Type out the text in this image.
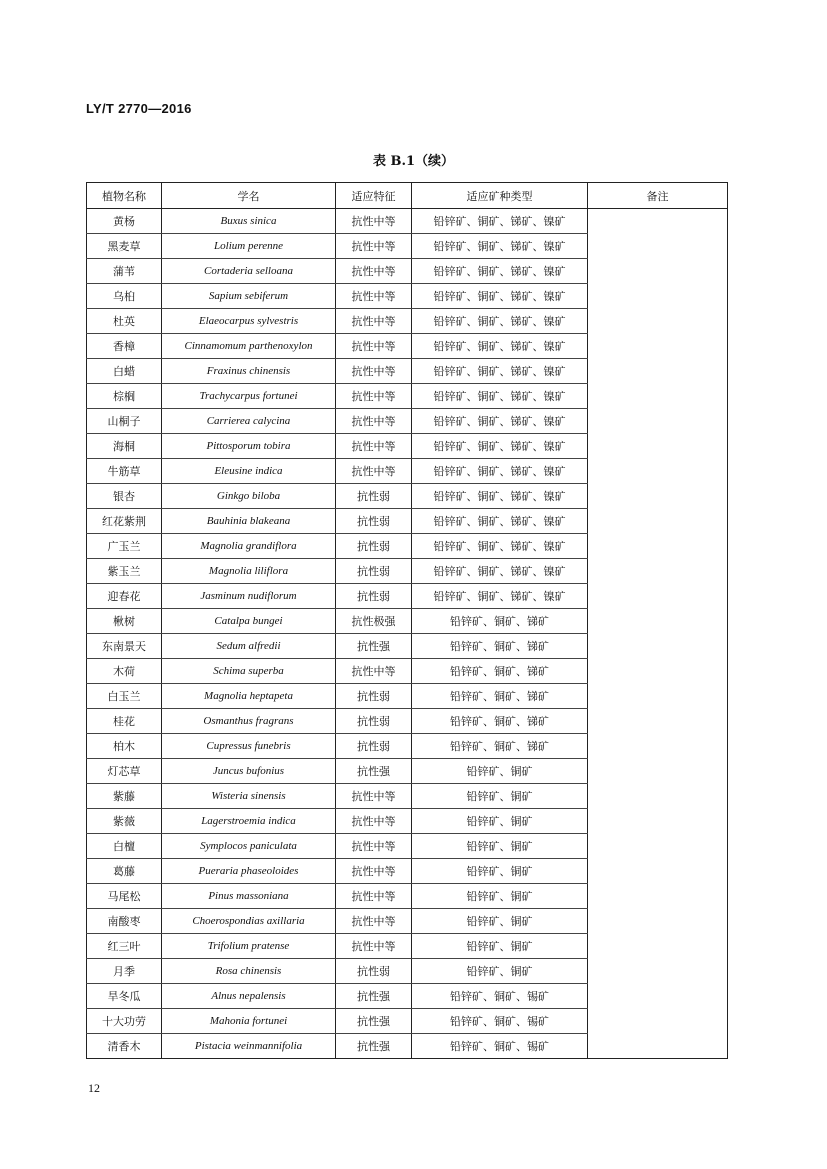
LY/T 2770—2016
表 B.1（续）
植物名称	学名	适应特征	适应矿种类型	备注
黄杨	Buxus sinica	抗性中等	铅锌矿、铜矿、锑矿、镍矿	
黑麦草	Lolium perenne	抗性中等	铅锌矿、铜矿、锑矿、镍矿	
蒲苇	Cortaderia selloana	抗性中等	铅锌矿、铜矿、锑矿、镍矿	
乌桕	Sapium sebiferum	抗性中等	铅锌矿、铜矿、锑矿、镍矿	
杜英	Elaeocarpus sylvestris	抗性中等	铅锌矿、铜矿、锑矿、镍矿	
香樟	Cinnamomum parthenoxylon	抗性中等	铅锌矿、铜矿、锑矿、镍矿	
白蜡	Fraxinus chinensis	抗性中等	铅锌矿、铜矿、锑矿、镍矿	
棕榈	Trachycarpus fortunei	抗性中等	铅锌矿、铜矿、锑矿、镍矿	
山桐子	Carrierea calycina	抗性中等	铅锌矿、铜矿、锑矿、镍矿	
海桐	Pittosporum tobira	抗性中等	铅锌矿、铜矿、锑矿、镍矿	
牛筋草	Eleusine indica	抗性中等	铅锌矿、铜矿、锑矿、镍矿	
银杏	Ginkgo biloba	抗性弱	铅锌矿、铜矿、锑矿、镍矿	
红花紫荆	Bauhinia blakeana	抗性弱	铅锌矿、铜矿、锑矿、镍矿	
广玉兰	Magnolia grandiflora	抗性弱	铅锌矿、铜矿、锑矿、镍矿	
紫玉兰	Magnolia liliflora	抗性弱	铅锌矿、铜矿、锑矿、镍矿	
迎春花	Jasminum nudiflorum	抗性弱	铅锌矿、铜矿、锑矿、镍矿	
楸树	Catalpa bungei	抗性极强	铅锌矿、铜矿、锑矿	
东南景天	Sedum alfredii	抗性强	铅锌矿、铜矿、锑矿	
木荷	Schima superba	抗性中等	铅锌矿、铜矿、锑矿	
白玉兰	Magnolia heptapeta	抗性弱	铅锌矿、铜矿、锑矿	
桂花	Osmanthus fragrans	抗性弱	铅锌矿、铜矿、锑矿	
柏木	Cupressus funebris	抗性弱	铅锌矿、铜矿、锑矿	
灯芯草	Juncus bufonius	抗性强	铅锌矿、铜矿	
紫藤	Wisteria sinensis	抗性中等	铅锌矿、铜矿	
紫薇	Lagerstroemia indica	抗性中等	铅锌矿、铜矿	
白檀	Symplocos paniculata	抗性中等	铅锌矿、铜矿	
葛藤	Pueraria phaseoloides	抗性中等	铅锌矿、铜矿	
马尾松	Pinus massoniana	抗性中等	铅锌矿、铜矿	
南酸枣	Choerospondias axillaria	抗性中等	铅锌矿、铜矿	
红三叶	Trifolium pratense	抗性中等	铅锌矿、铜矿	
月季	Rosa chinensis	抗性弱	铅锌矿、铜矿	
旱冬瓜	Alnus nepalensis	抗性强	铅锌矿、铜矿、锡矿	
十大功劳	Mahonia fortunei	抗性强	铅锌矿、铜矿、锡矿	
清香木	Pistacia weinmannifolia	抗性强	铅锌矿、铜矿、锡矿	
12
